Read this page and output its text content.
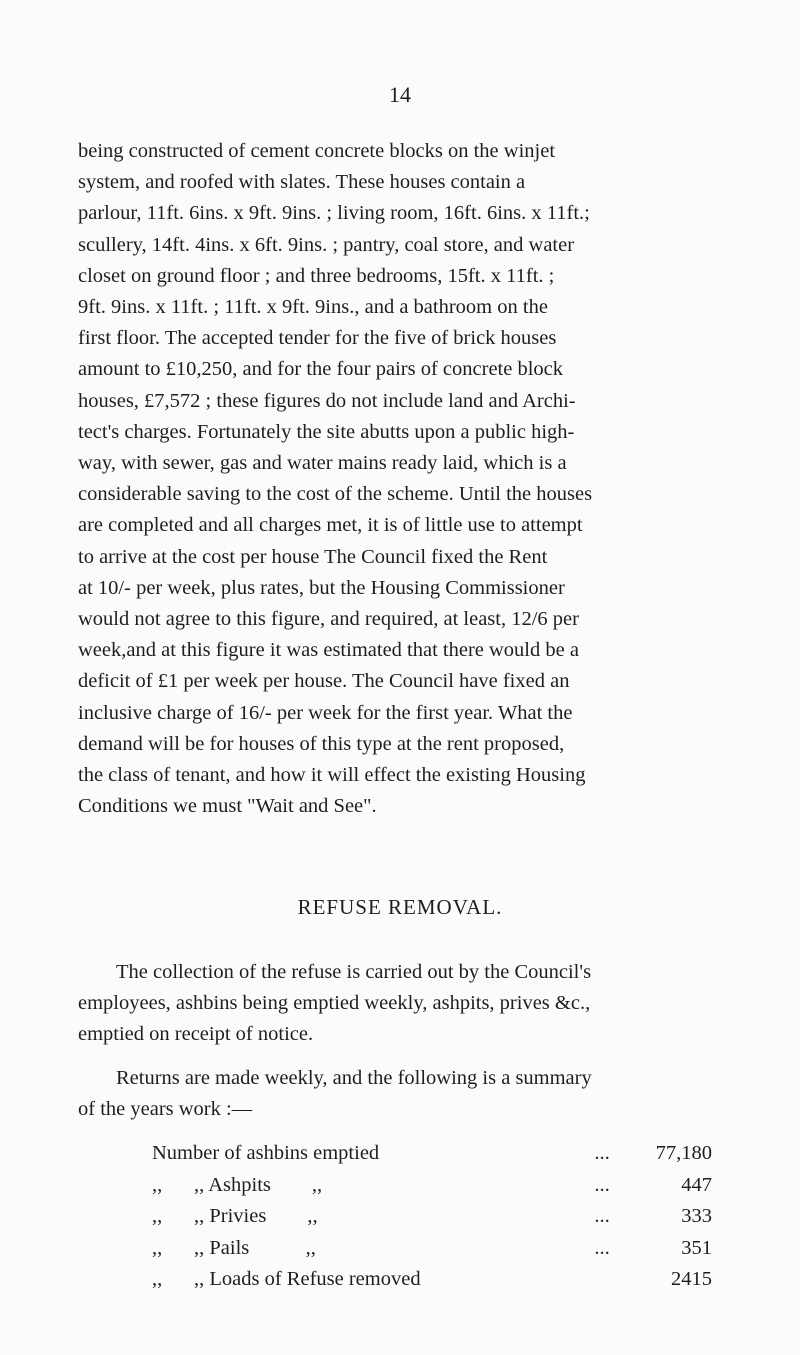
14
being constructed of cement concrete blocks on the winjet
system, and roofed with slates. These houses contain a
parlour, 11ft. 6ins. x 9ft. 9ins. ; living room, 16ft. 6ins. x 11ft.;
scullery, 14ft. 4ins. x 6ft. 9ins. ; pantry, coal store, and water
closet on ground floor ; and three bedrooms, 15ft. x 11ft. ;
9ft. 9ins. x 11ft. ; 11ft. x 9ft. 9ins., and a bathroom on the
first floor. The accepted tender for the five of brick houses
amount to £10,250, and for the four pairs of concrete block
houses, £7,572 ; these figures do not include land and Archi-
tect's charges. Fortunately the site abutts upon a public high-
way, with sewer, gas and water mains ready laid, which is a
considerable saving to the cost of the scheme. Until the houses
are completed and all charges met, it is of little use to attempt
to arrive at the cost per house The Council fixed the Rent
at 10/- per week, plus rates, but the Housing Commissioner
would not agree to this figure, and required, at least, 12/6 per
week,and at this figure it was estimated that there would be a
deficit of £1 per week per house. The Council have fixed an
inclusive charge of 16/- per week for the first year. What the
demand will be for houses of this type at the rent proposed,
the class of tenant, and how it will effect the existing Housing
Conditions we must "Wait and See".
REFUSE REMOVAL.
The collection of the refuse is carried out by the Council's
employees, ashbins being emptied weekly, ashpits, prives &c.,
emptied on receipt of notice.
Returns are made weekly, and the following is a summary
of the years work :—
Number of ashbins emptied	...	77,180
,,	,, Ashpits        ,,	...	447
,,	,, Privies        ,,	...	333
,,	,, Pails           ,,	...	351
,,	,, Loads of Refuse removed	2415
